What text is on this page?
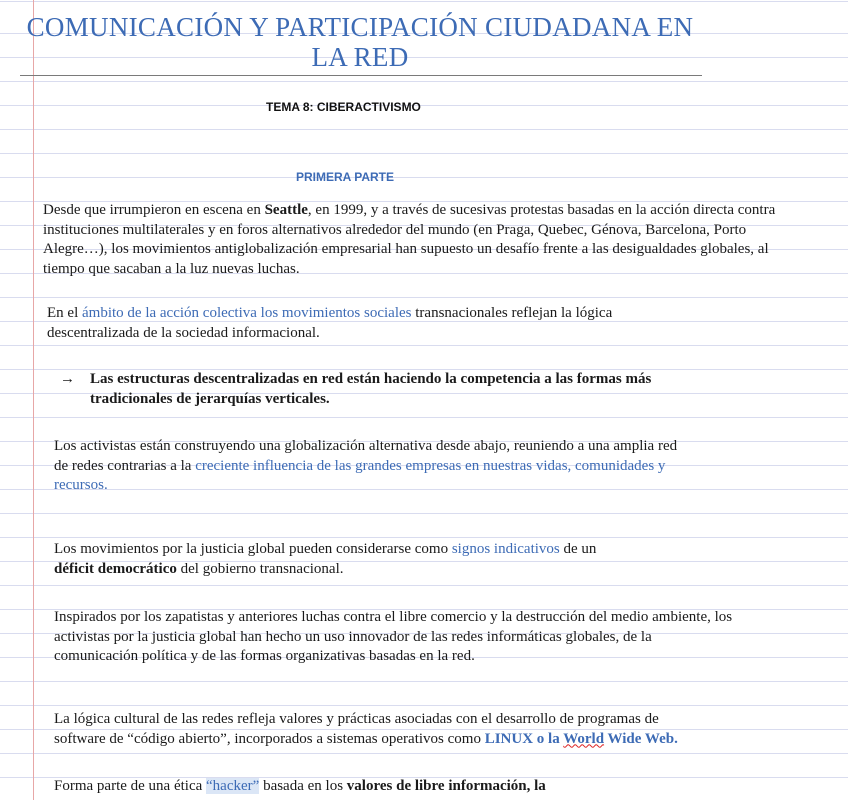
COMUNICACIÓN Y PARTICIPACIÓN CIUDADANA EN LA RED
TEMA 8: CIBERACTIVISMO
PRIMERA PARTE

Desde que irrumpieron en escena en Seattle, en 1999, y a través de sucesivas protestas basadas en la acción directa contra instituciones multilaterales y en foros alternativos alrededor del mundo (en Praga, Quebec, Génova, Barcelona, Porto Alegre…), los movimientos antiglobalización empresarial han supuesto un desafío frente a las desigualdades globales, al tiempo que sacaban a la luz nuevas luchas.

En el ámbito de la acción colectiva los movimientos sociales transnacionales reflejan la lógica descentralizada de la sociedad informacional.

→ Las estructuras descentralizadas en red están haciendo la competencia a las formas más tradicionales de jerarquías verticales.

Los activistas están construyendo una globalización alternativa desde abajo, reuniendo a una amplia red de redes contrarias a la creciente influencia de las grandes empresas en nuestras vidas, comunidades y recursos.

Los movimientos por la justicia global pueden considerarse como signos indicativos de un déficit democrático del gobierno transnacional.

Inspirados por los zapatistas y anteriores luchas contra el libre comercio y la destrucción del medio ambiente, los activistas por la justicia global han hecho un uso innovador de las redes informáticas globales, de la comunicación política y de las formas organizativas basadas en la red.

La lógica cultural de las redes refleja valores y prácticas asociadas con el desarrollo de programas de software de “código abierto”, incorporados a sistemas operativos como LINUX o la World Wide Web.

Forma parte de una ética “hacker” basada en los valores de libre información, la
